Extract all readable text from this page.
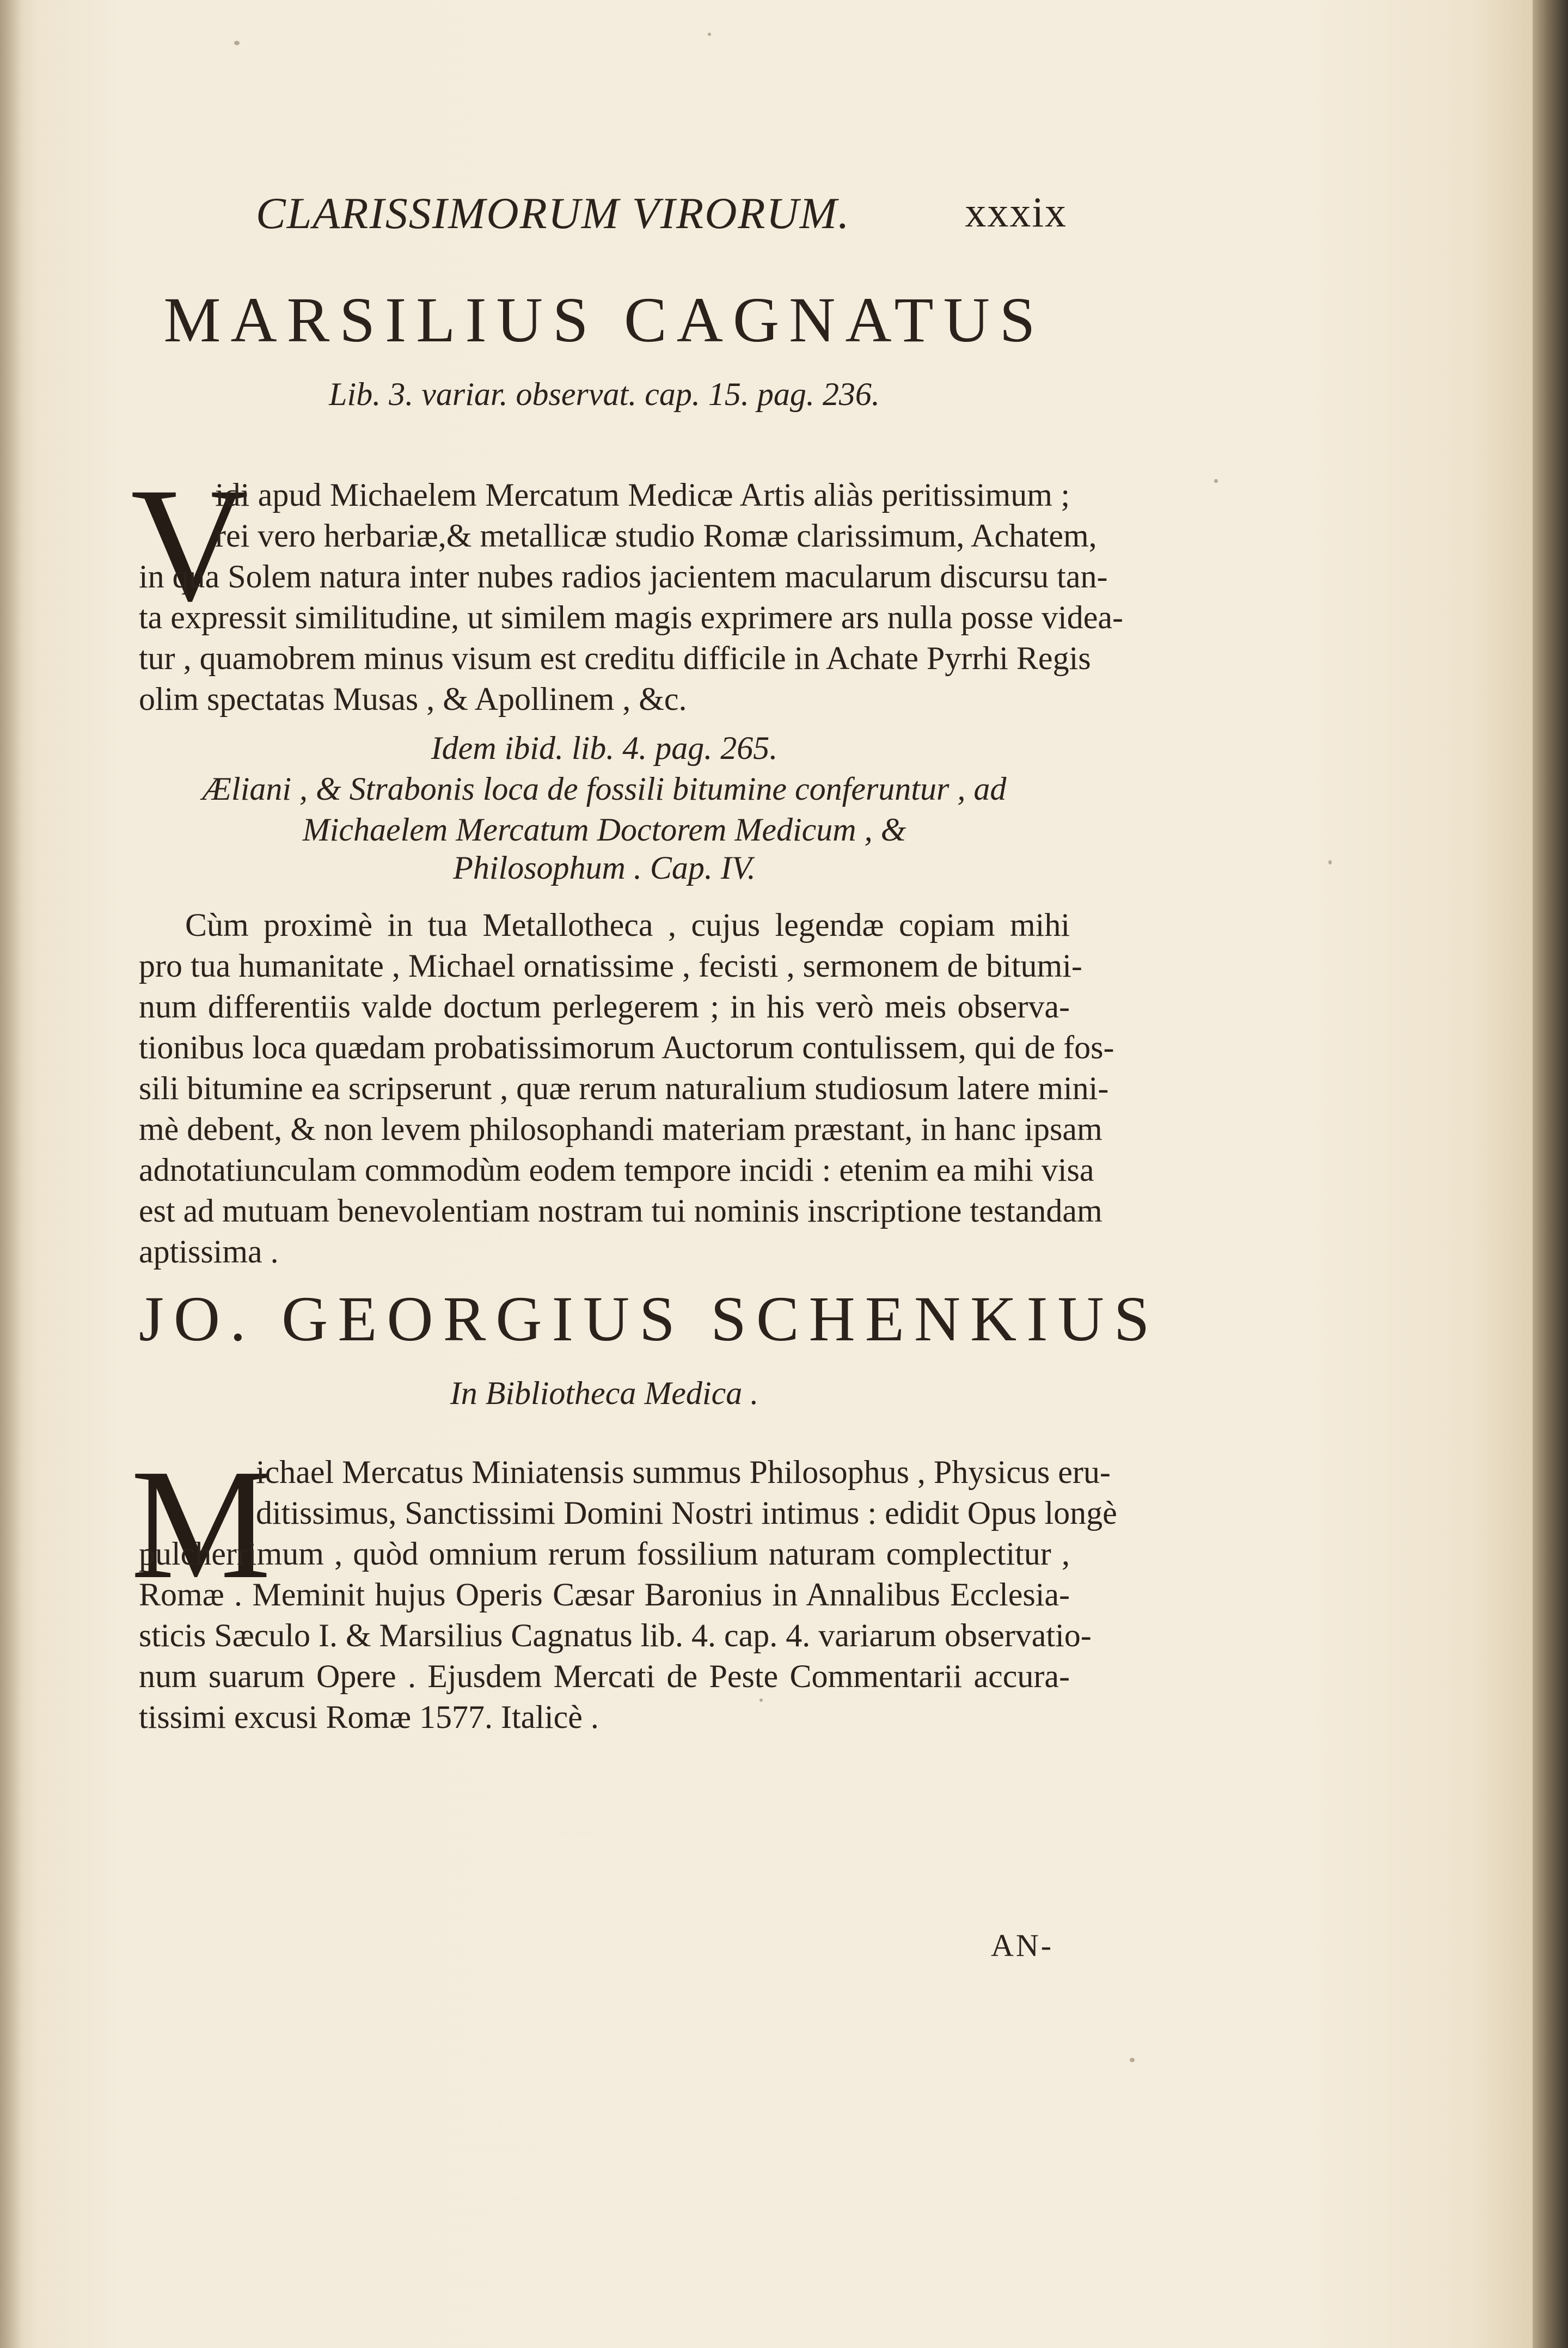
CLARISSIMORUM VIRORUM.	xxxix
MARSILIUS CAGNATUS
Lib. 3. variar. observat. cap. 15. pag. 236.
V
idi apud Michaelem Mercatum Medicæ Artis aliàs peritissimum ;
rei vero herbariæ,& metallicæ studio Romæ clarissimum, Achatem,
in qua Solem natura inter nubes radios jacientem macularum discursu tan-
ta expressit similitudine, ut similem magis exprimere ars nulla posse videa-
tur , quamobrem minus visum est creditu difficile in Achate Pyrrhi Regis
olim spectatas Musas , & Apollinem , &c.
Idem ibid. lib. 4. pag. 265.
Æliani , & Strabonis loca de fossili bitumine conferuntur , ad
Michaelem Mercatum Doctorem Medicum , &
Philosophum . Cap. IV.
Cùm proximè in tua Metallotheca , cujus legendæ copiam mihi
pro tua humanitate , Michael ornatissime , fecisti , sermonem de bitumi-
num differentiis valde doctum perlegerem ; in his verò meis observa-
tionibus loca quædam probatissimorum Auctorum contulissem, qui de fos-
sili bitumine ea scripserunt , quæ rerum naturalium studiosum latere mini-
mè debent, & non levem philosophandi materiam præstant, in hanc ipsam
adnotatiunculam commodùm eodem tempore incidi : etenim ea mihi visa
est ad mutuam benevolentiam nostram tui nominis inscriptione testandam
aptissima .
JO. GEORGIUS SCHENKIUS
In Bibliotheca Medica .
M
ichael Mercatus Miniatensis summus Philosophus , Physicus eru-
ditissimus, Sanctissimi Domini Nostri intimus : edidit Opus longè
pulcherrimum , quòd omnium rerum fossilium naturam complectitur ,
Romæ . Meminit hujus Operis Cæsar Baronius in Annalibus Ecclesia-
sticis Sæculo I. & Marsilius Cagnatus lib. 4. cap. 4. variarum observatio-
num suarum Opere . Ejusdem Mercati de Peste Commentarii accura-
tissimi excusi Romæ 1577. Italicè .
AN-
